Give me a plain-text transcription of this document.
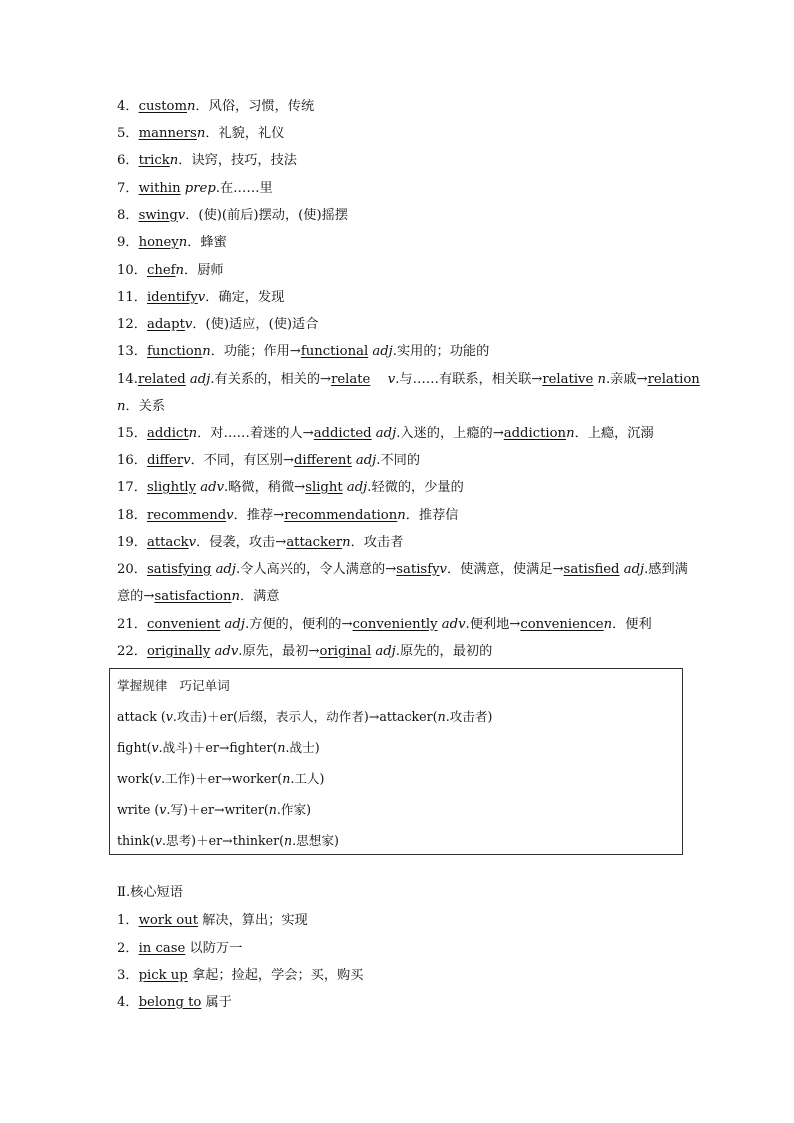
4．customn．风俗，习惯，传统
5．mannersn．礼貌，礼仪
6．trickn．诀窍，技巧，技法
7．within prep.在……里
8．swingv．(使)(前后)摆动，(使)摇摆
9．honeyn．蜂蜜
10．chefn．厨师
11．identifyv．确定，发现
12．adaptv．(使)适应，(使)适合
13．functionn．功能；作用→functional adj.实用的；功能的
14.related adj.有关系的，相关的→relate　 v.与……有联系，相关联→relative n.亲戚→relation
n．关系
15．addictn．对……着迷的人→addicted adj.入迷的，上瘾的→addictionn．上瘾，沉溺
16．differv．不同，有区别→different adj.不同的
17．slightly adv.略微，稍微→slight adj.轻微的，少量的
18．recommendv．推荐→recommendationn．推荐信
19．attackv．侵袭，攻击→attackern．攻击者
20．satisfying adj.令人高兴的，令人满意的→satisfyv．使满意，使满足→satisfied adj.感到满
意的→satisfactionn．满意
21．convenient adj.方便的，便利的→conveniently adv.便利地→conveniencen．便利
22．originally adv.原先，最初→original adj.原先的，最初的
掌握规律 巧记单词
attack (v.攻击)＋er(后缀，表示人，动作者)→attacker(n.攻击者)
fight(v.战斗)＋er→fighter(n.战士)
work(v.工作)＋er→worker(n.工人)
write (v.写)＋er→writer(n.作家)
think(v.思考)＋er→thinker(n.思想家)
Ⅱ.核心短语
1．work out 解决，算出；实现
2．in case 以防万一
3．pick up 拿起；捡起，学会；买，购买
4．belong to 属于
